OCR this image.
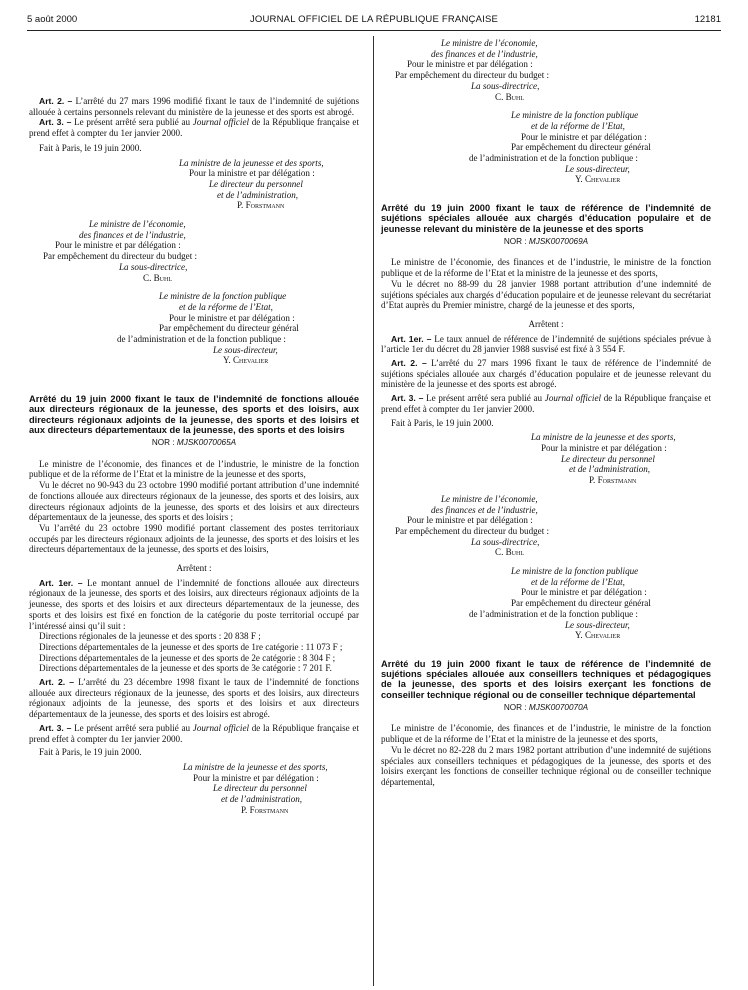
5 août 2000	JOURNAL OFFICIEL DE LA RÉPUBLIQUE FRANÇAISE	12181

Art. 2. – L’arrêté du 27 mars 1996 modifié fixant le taux de l’indemnité de sujétions allouée à certains personnels relevant du ministère de la jeunesse et des sports est abrogé.

Art. 3. – Le présent arrêté sera publié au Journal officiel de la République française et prend effet à compter du 1er janvier 2000.

Fait à Paris, le 19 juin 2000.

La ministre de la jeunesse et des sports,
Pour la ministre et par délégation :
Le directeur du personnel
et de l’administration,
P. Forstmann
Le ministre de l’économie,
des finances et de l’industrie,
Pour le ministre et par délégation :
Par empêchement du directeur du budget :
La sous-directrice,
C. Buhl
Le ministre de la fonction publique
et de la réforme de l’Etat,
Pour le ministre et par délégation :
Par empêchement du directeur général
de l’administration et de la fonction publique :
Le sous-directeur,
Y. Chevalier

Arrêté du 19 juin 2000 fixant le taux de l’indemnité de fonctions allouée aux directeurs régionaux de la jeunesse, des sports et des loisirs, aux directeurs régionaux adjoints de la jeunesse, des sports et des loisirs et aux directeurs départementaux de la jeunesse, des sports et des loisirs

NOR : MJSK0070065A

Le ministre de l’économie, des finances et de l’industrie, le ministre de la fonction publique et de la réforme de l’Etat et la ministre de la jeunesse et des sports,

Vu le décret no 90-943 du 23 octobre 1990 modifié portant attribution d’une indemnité de fonctions allouée aux directeurs régionaux de la jeunesse, des sports et des loisirs, aux directeurs régionaux adjoints de la jeunesse, des sports et des loisirs et aux directeurs départementaux de la jeunesse, des sports et des loisirs ;

Vu l’arrêté du 23 octobre 1990 modifié portant classement des postes territoriaux occupés par les directeurs régionaux adjoints de la jeunesse, des sports et des loisirs et les directeurs départementaux de la jeunesse, des sports et des loisirs,

Arrêtent :

Art. 1er. – Le montant annuel de l’indemnité de fonctions allouée aux directeurs régionaux de la jeunesse, des sports et des loisirs, aux directeurs régionaux adjoints de la jeunesse, des sports et des loisirs et aux directeurs départementaux de la jeunesse, des sports et des loisirs est fixé en fonction de la catégorie du poste territorial occupé par l’intéressé ainsi qu’il suit :

Directions régionales de la jeunesse et des sports : 20 838 F ;

Directions départementales de la jeunesse et des sports de 1re catégorie : 11 073 F ;

Directions départementales de la jeunesse et des sports de 2e catégorie : 8 304 F ;

Directions départementales de la jeunesse et des sports de 3e catégorie : 7 201 F.

Art. 2. – L’arrêté du 23 décembre 1998 fixant le taux de l’indemnité de fonctions allouée aux directeurs régionaux de la jeunesse, des sports et des loisirs, aux directeurs régionaux adjoints de la jeunesse, des sports et des loisirs et aux directeurs départementaux de la jeunesse, des sports et des loisirs est abrogé.

Art. 3. – Le présent arrêté sera publié au Journal officiel de la République française et prend effet à compter du 1er janvier 2000.

Fait à Paris, le 19 juin 2000.

La ministre de la jeunesse et des sports,
Pour la ministre et par délégation :
Le directeur du personnel
et de l’administration,
P. Forstmann
Le ministre de l’économie,
des finances et de l’industrie,
Pour le ministre et par délégation :
Par empêchement du directeur du budget :
La sous-directrice,
C. Buhl
Le ministre de la fonction publique
et de la réforme de l’Etat,
Pour le ministre et par délégation :
Par empêchement du directeur général
de l’administration et de la fonction publique :
Le sous-directeur,
Y. Chevalier

Arrêté du 19 juin 2000 fixant le taux de référence de l’indemnité de sujétions spéciales allouée aux chargés d’éducation populaire et de jeunesse relevant du ministère de la jeunesse et des sports

NOR : MJSK0070069A

Le ministre de l’économie, des finances et de l’industrie, le ministre de la fonction publique et de la réforme de l’Etat et la ministre de la jeunesse et des sports,

Vu le décret no 88-99 du 28 janvier 1988 portant attribution d’une indemnité de sujétions spéciales aux chargés d’éducation populaire et de jeunesse relevant du secrétariat d’Etat auprès du Premier ministre, chargé de la jeunesse et des sports,

Arrêtent :

Art. 1er. – Le taux annuel de référence de l’indemnité de sujétions spéciales prévue à l’article 1er du décret du 28 janvier 1988 susvisé est fixé à 3 554 F.

Art. 2. – L’arrêté du 27 mars 1996 fixant le taux de référence de l’indemnité de sujétions spéciales allouée aux chargés d’éducation populaire et de jeunesse relevant du ministère de la jeunesse et des sports est abrogé.

Art. 3. – Le présent arrêté sera publié au Journal officiel de la République française et prend effet à compter du 1er janvier 2000.

Fait à Paris, le 19 juin 2000.

La ministre de la jeunesse et des sports,
Pour la ministre et par délégation :
Le directeur du personnel
et de l’administration,
P. Forstmann
Le ministre de l’économie,
des finances et de l’industrie,
Pour le ministre et par délégation :
Par empêchement du directeur du budget :
La sous-directrice,
C. Buhl
Le ministre de la fonction publique
et de la réforme de l’Etat,
Pour le ministre et par délégation :
Par empêchement du directeur général
de l’administration et de la fonction publique :
Le sous-directeur,
Y. Chevalier

Arrêté du 19 juin 2000 fixant le taux de référence de l’indemnité de sujétions spéciales allouée aux conseillers techniques et pédagogiques de la jeunesse, des sports et des loisirs exerçant les fonctions de conseiller technique régional ou de conseiller technique départemental

NOR : MJSK0070070A

Le ministre de l’économie, des finances et de l’industrie, le ministre de la fonction publique et de la réforme de l’Etat et la ministre de la jeunesse et des sports,

Vu le décret no 82-228 du 2 mars 1982 portant attribution d’une indemnité de sujétions spéciales aux conseillers techniques et pédagogiques de la jeunesse, des sports et des loisirs exerçant les fonctions de conseiller technique régional ou de conseiller technique départemental,
